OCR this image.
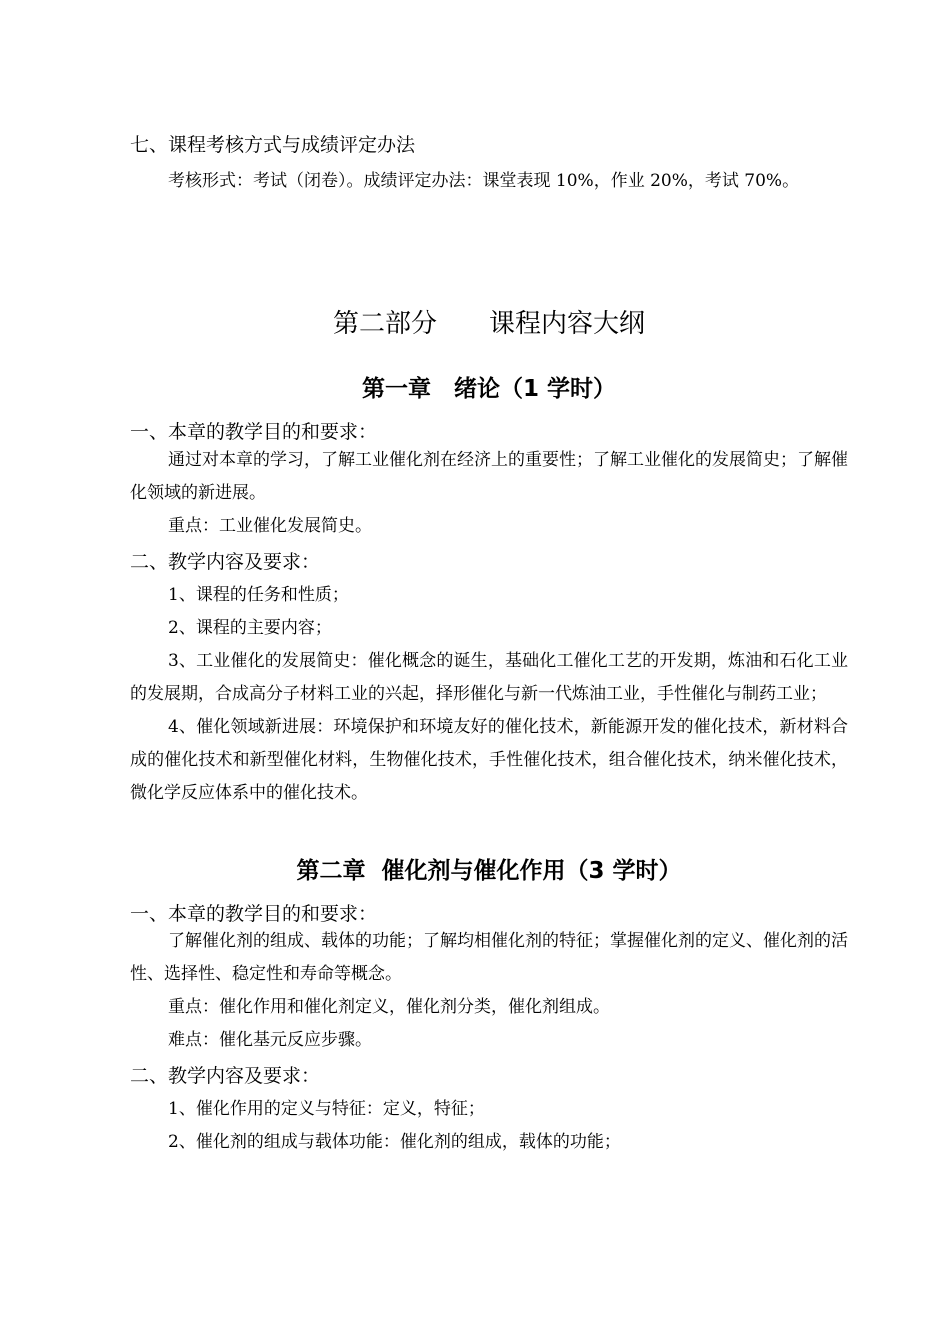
七、课程考核方式与成绩评定办法

考核形式：考试（闭卷）。成绩评定办法：课堂表现 10%，作业 20%，考试 70%。

第二部分　　课程内容大纲

第一章　绪论（1 学时）

一、本章的教学目的和要求：

通过对本章的学习，了解工业催化剂在经济上的重要性；了解工业催化的发展简史；了解催化领域的新进展。

重点：工业催化发展简史。

二、教学内容及要求：

1、课程的任务和性质；

2、课程的主要内容；

3、工业催化的发展简史：催化概念的诞生，基础化工催化工艺的开发期，炼油和石化工业的发展期，合成高分子材料工业的兴起，择形催化与新一代炼油工业，手性催化与制药工业；

4、催化领域新进展：环境保护和环境友好的催化技术，新能源开发的催化技术，新材料合成的催化技术和新型催化材料，生物催化技术，手性催化技术，组合催化技术，纳米催化技术，微化学反应体系中的催化技术。

第二章  催化剂与催化作用（3 学时）

一、本章的教学目的和要求：

了解催化剂的组成、载体的功能；了解均相催化剂的特征；掌握催化剂的定义、催化剂的活性、选择性、稳定性和寿命等概念。

重点：催化作用和催化剂定义，催化剂分类，催化剂组成。

难点：催化基元反应步骤。

二、教学内容及要求：

1、催化作用的定义与特征：定义，特征；

2、催化剂的组成与载体功能：催化剂的组成，载体的功能；
